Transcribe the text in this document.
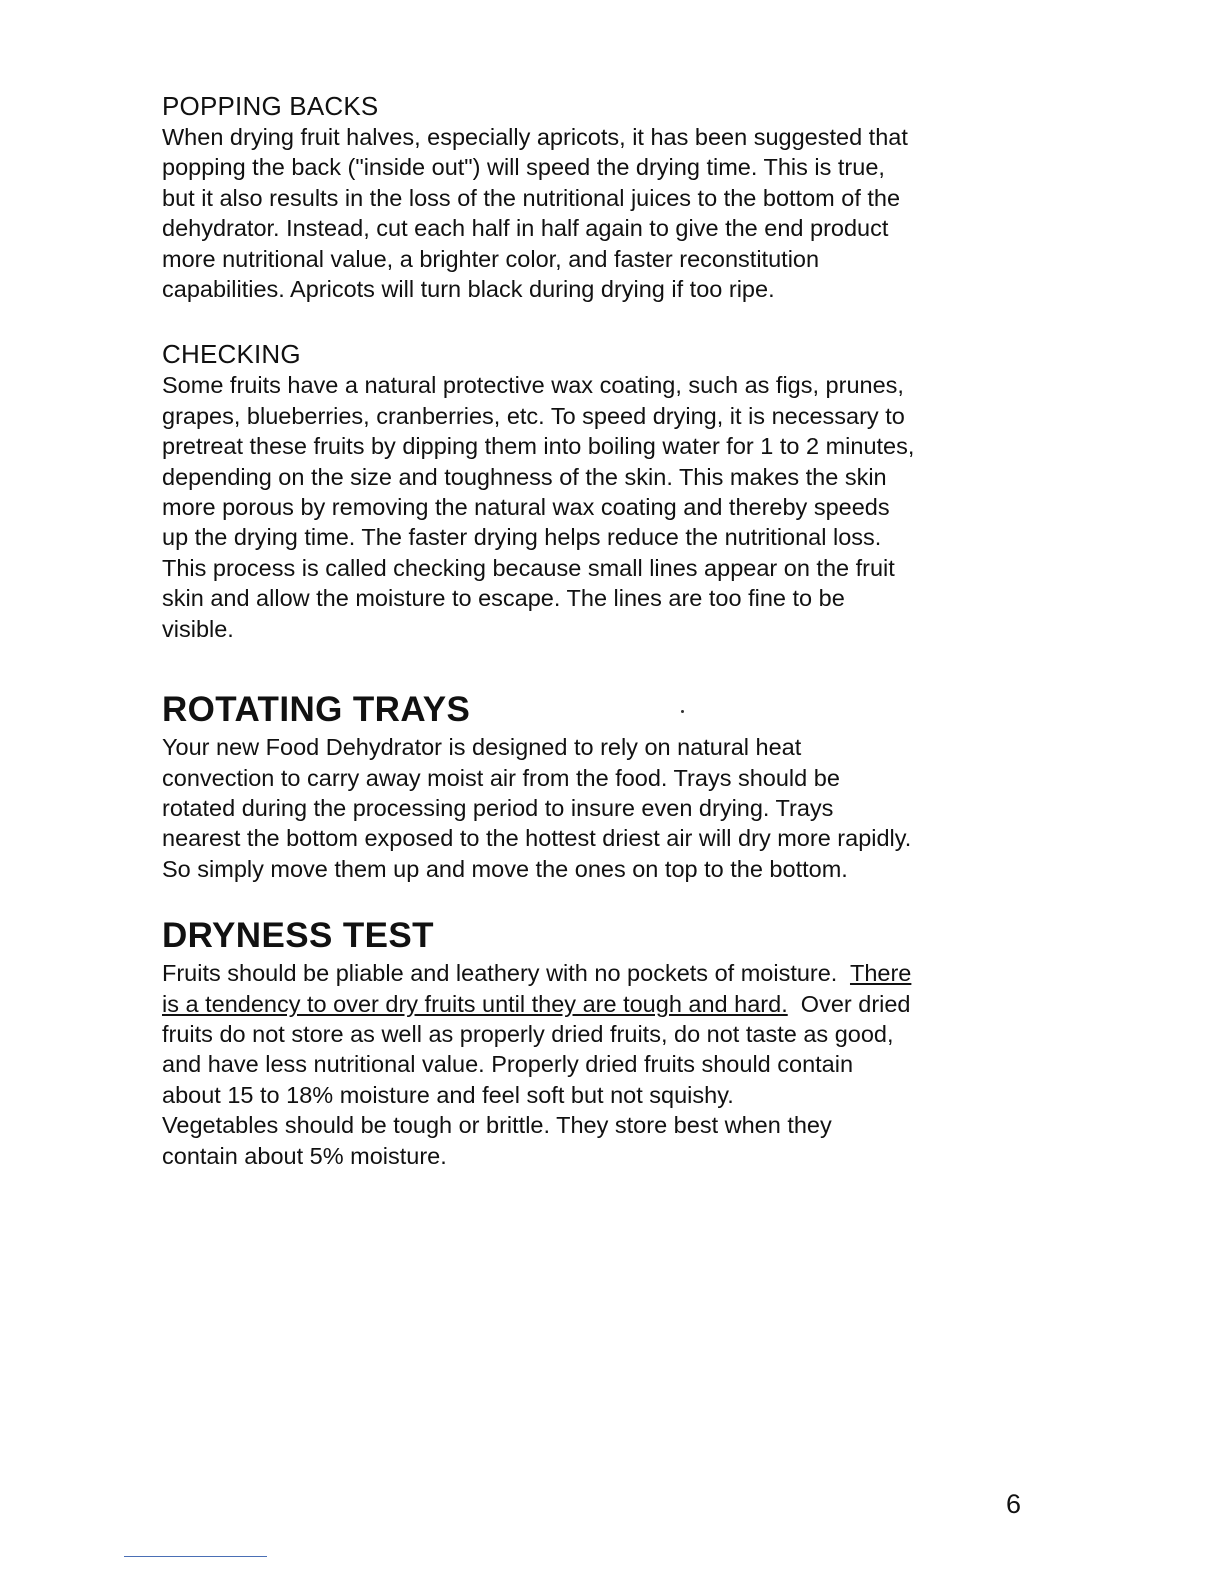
POPPING BACKS

When drying fruit halves, especially apricots, it has been suggested that
popping the back ("inside out") will speed the drying time. This is true,
but it also results in the loss of the nutritional juices to the bottom of the
dehydrator. Instead, cut each half in half again to give the end product
more nutritional value, a brighter color, and faster reconstitution
capabilities. Apricots will turn black during drying if too ripe.

CHECKING

Some fruits have a natural protective wax coating, such as figs, prunes,
grapes, blueberries, cranberries, etc. To speed drying, it is necessary to
pretreat these fruits by dipping them into boiling water for 1 to 2 minutes,
depending on the size and toughness of the skin. This makes the skin
more porous by removing the natural wax coating and thereby speeds
up the drying time. The faster drying helps reduce the nutritional loss.
This process is called checking because small lines appear on the fruit
skin and allow the moisture to escape. The lines are too fine to be
visible.

ROTATING TRAYS

Your new Food Dehydrator is designed to rely on natural heat
convection to carry away moist air from the food. Trays should be
rotated during the processing period to insure even drying. Trays
nearest the bottom exposed to the hottest driest air will dry more rapidly.
So simply move them up and move the ones on top to the bottom.

DRYNESS TEST

Fruits should be pliable and leathery with no pockets of moisture.  There
is a tendency to over dry fruits until they are tough and hard.  Over dried
fruits do not store as well as properly dried fruits, do not taste as good,
and have less nutritional value. Properly dried fruits should contain
about 15 to 18% moisture and feel soft but not squishy.
Vegetables should be tough or brittle. They store best when they
contain about 5% moisture.

6
